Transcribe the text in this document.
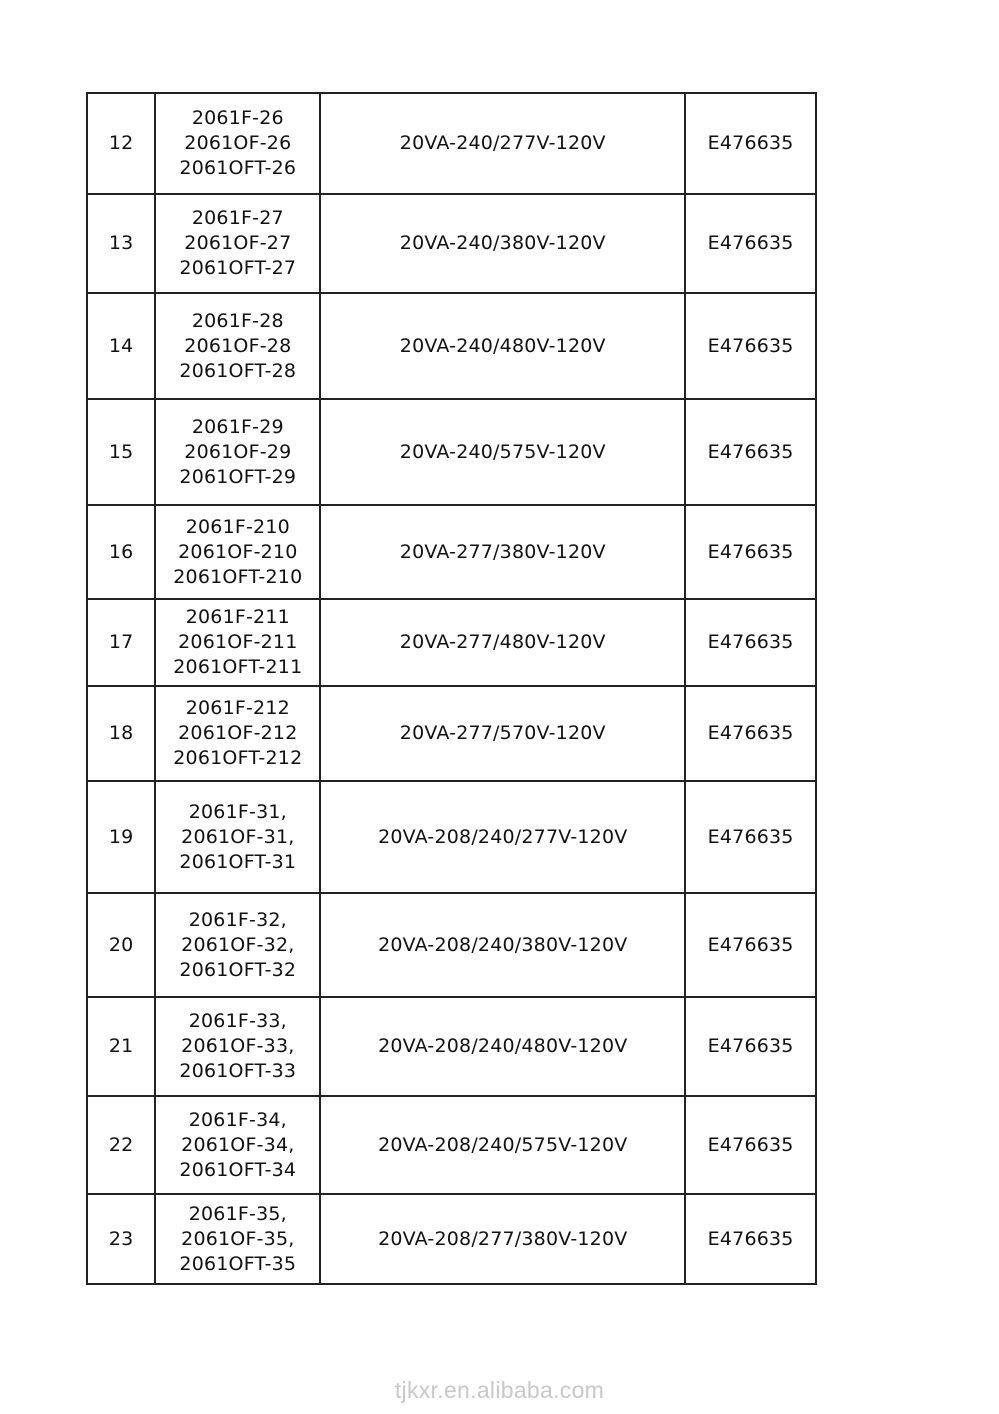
12	2061F-26
2061OF-26
2061OFT-26	20VA-240/277V-120V	E476635
13	2061F-27
2061OF-27
2061OFT-27	20VA-240/380V-120V	E476635
14	2061F-28
2061OF-28
2061OFT-28	20VA-240/480V-120V	E476635
15	2061F-29
2061OF-29
2061OFT-29	20VA-240/575V-120V	E476635
16	2061F-210
2061OF-210
2061OFT-210	20VA-277/380V-120V	E476635
17	2061F-211
2061OF-211
2061OFT-211	20VA-277/480V-120V	E476635
18	2061F-212
2061OF-212
2061OFT-212	20VA-277/570V-120V	E476635
19	2061F-31,
2061OF-31,
2061OFT-31	20VA-208/240/277V-120V	E476635
20	2061F-32,
2061OF-32,
2061OFT-32	20VA-208/240/380V-120V	E476635
21	2061F-33,
2061OF-33,
2061OFT-33	20VA-208/240/480V-120V	E476635
22	2061F-34,
2061OF-34,
2061OFT-34	20VA-208/240/575V-120V	E476635
23	2061F-35,
2061OF-35,
2061OFT-35	20VA-208/277/380V-120V	E476635
tjkxr.en.alibaba.com
